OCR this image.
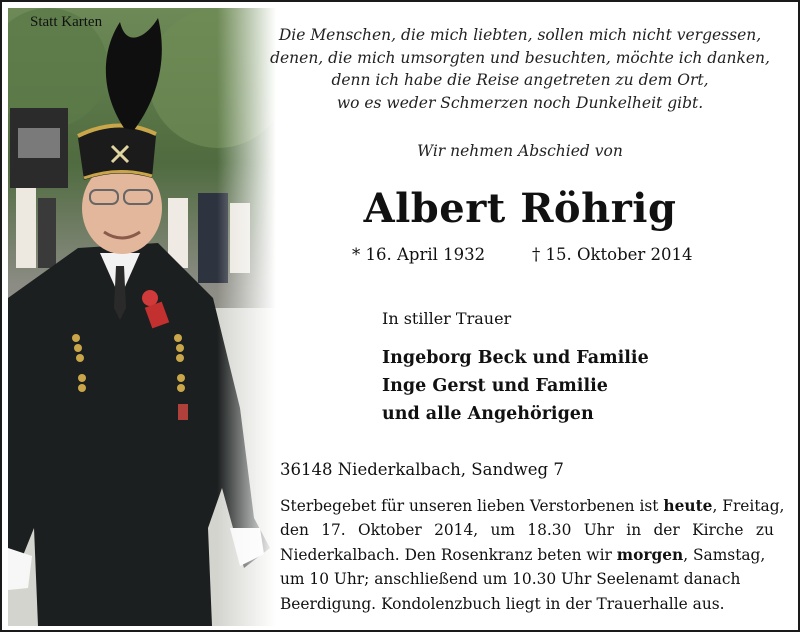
Statt Karten
Die Menschen, die mich liebten, sollen mich nicht vergessen,
denen, die mich umsorgten und besuchten, möchte ich danken,
denn ich habe die Reise angetreten zu dem Ort,
wo es weder Schmerzen noch Dunkelheit gibt.
Wir nehmen Abschied von
Albert Röhrig
* 16. April 1932	† 15. Oktober 2014
In stiller Trauer
Ingeborg Beck und Familie
Inge Gerst und Familie
und alle Angehörigen
36148 Niederkalbach, Sandweg 7
Sterbegebet für unseren lieben Verstorbenen ist heute, Freitag,
den 17. Oktober 2014, um 18.30 Uhr in der Kirche zu
Niederkalbach. Den Rosenkranz beten wir morgen, Samstag,
um 10 Uhr; anschließend um 10.30 Uhr Seelenamt danach
Beerdigung. Kondolenzbuch liegt in der Trauerhalle aus.
